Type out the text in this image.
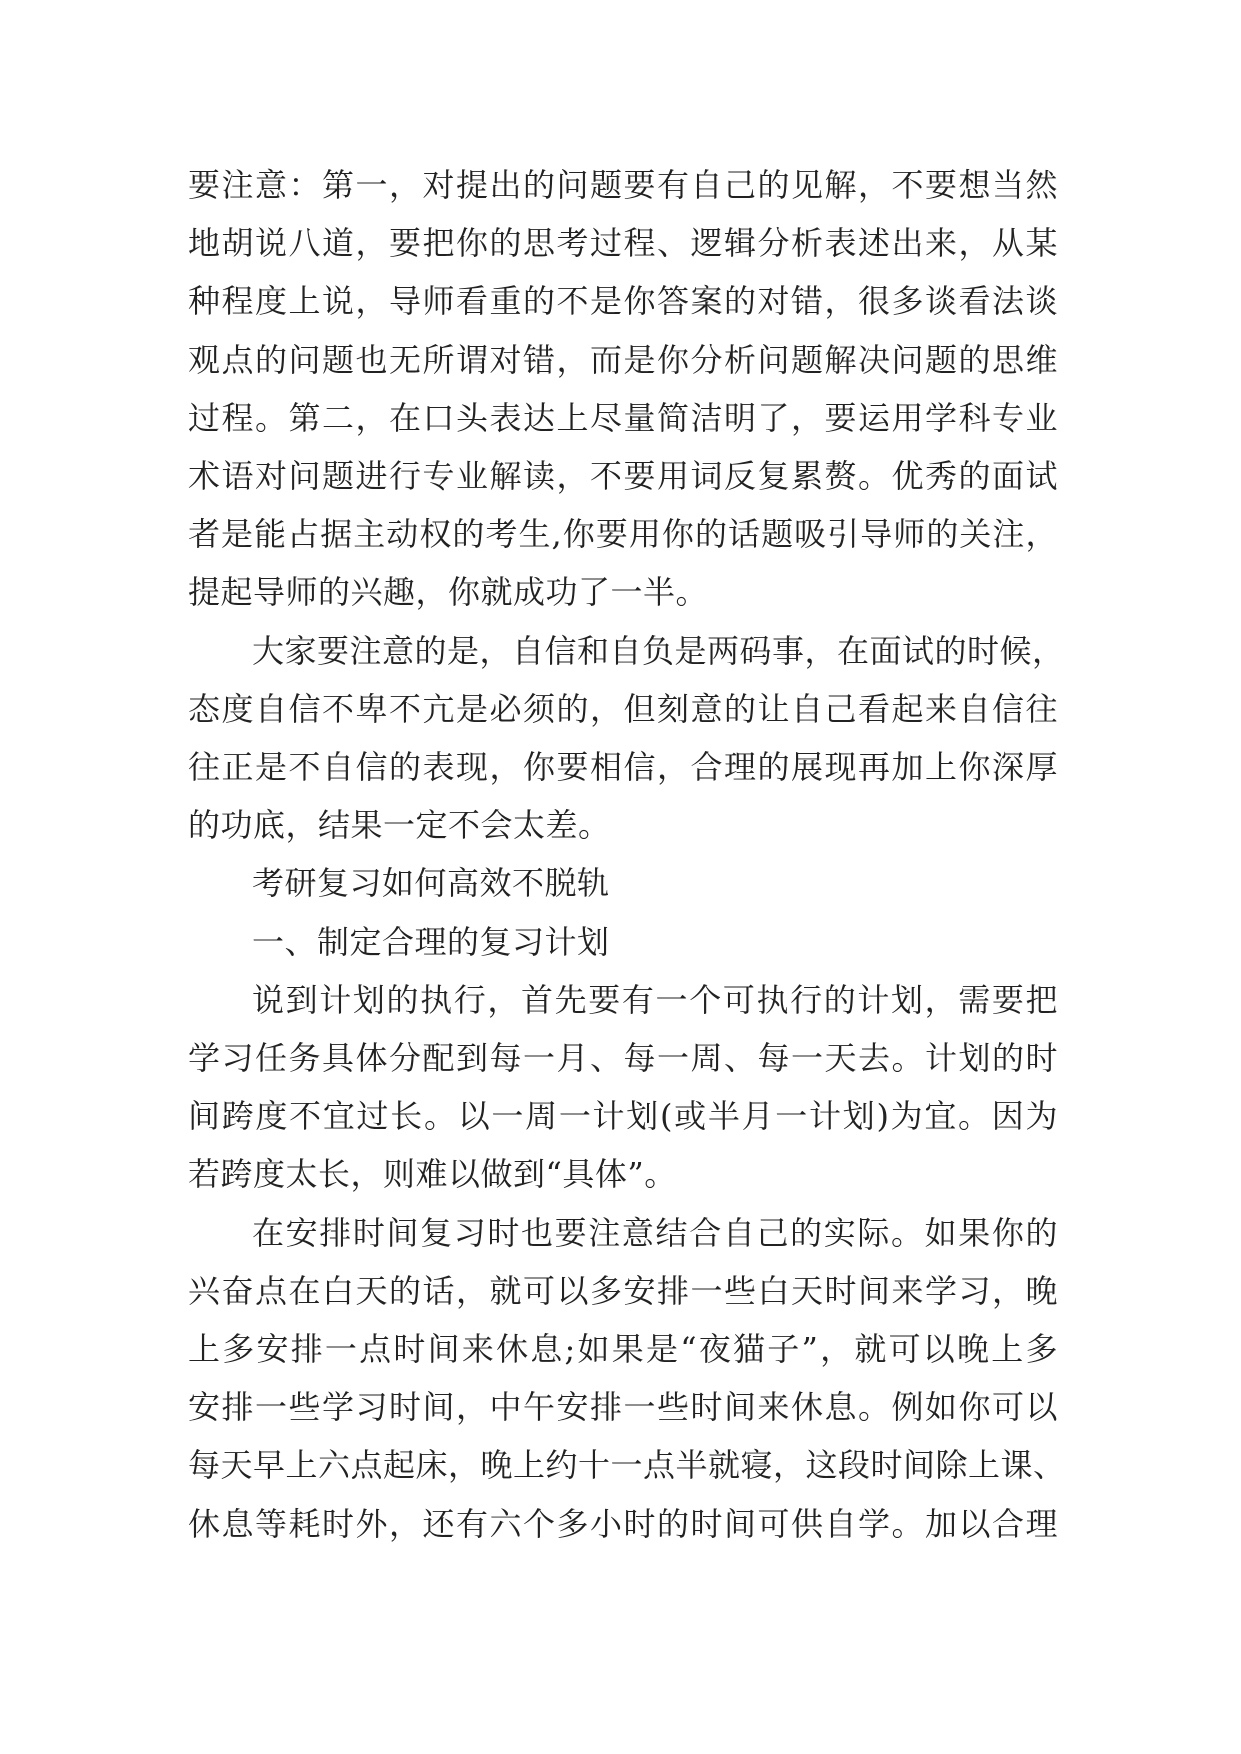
要注意：第一，对提出的问题要有自己的见解，不要想当然
地胡说八道，要把你的思考过程、逻辑分析表述出来，从某
种程度上说，导师看重的不是你答案的对错，很多谈看法谈
观点的问题也无所谓对错，而是你分析问题解决问题的思维
过程。第二，在口头表达上尽量简洁明了，要运用学科专业
术语对问题进行专业解读，不要用词反复累赘。优秀的面试
者是能占据主动权的考生,你要用你的话题吸引导师的关注，
提起导师的兴趣，你就成功了一半。
大家要注意的是，自信和自负是两码事，在面试的时候，
态度自信不卑不亢是必须的，但刻意的让自己看起来自信往
往正是不自信的表现，你要相信，合理的展现再加上你深厚
的功底，结果一定不会太差。
考研复习如何高效不脱轨
一、制定合理的复习计划
说到计划的执行，首先要有一个可执行的计划，需要把
学习任务具体分配到每一月、每一周、每一天去。计划的时
间跨度不宜过长。以一周一计划(或半月一计划)为宜。因为
若跨度太长，则难以做到“具体”。
在安排时间复习时也要注意结合自己的实际。如果你的
兴奋点在白天的话，就可以多安排一些白天时间来学习，晚
上多安排一点时间来休息;如果是“夜猫子”，就可以晚上多
安排一些学习时间，中午安排一些时间来休息。例如你可以
每天早上六点起床，晚上约十一点半就寝，这段时间除上课、
休息等耗时外，还有六个多小时的时间可供自学。加以合理
